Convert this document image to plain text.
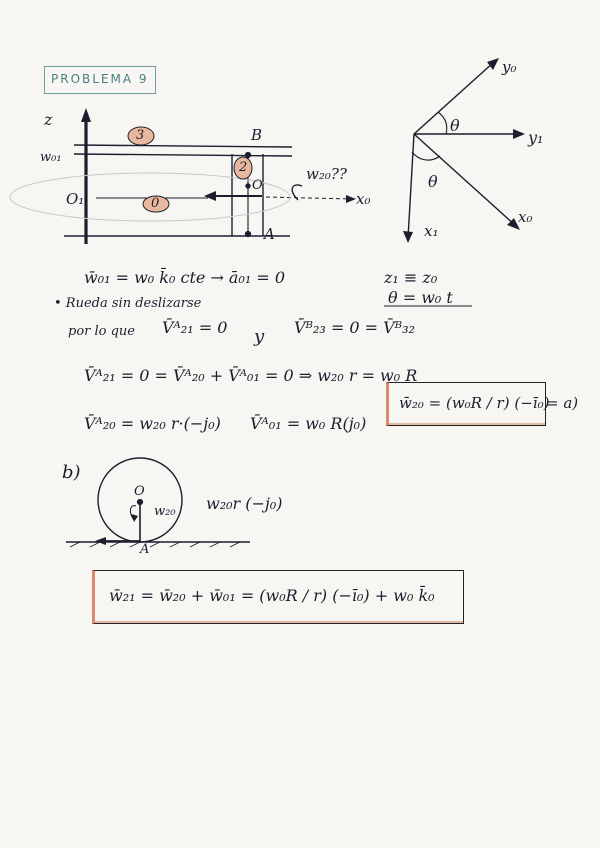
PROBLEMA 9
z
w₀₁
O₁
3
2
0
B
O
A
w₂₀??
x₀
y₀
y₁
x₁
x₀
θ
θ
w̄₀₁ = w₀ k̄₀ cte → ā₀₁ = 0	z₁ ≡ z₀
θ = w₀ t
• Rueda sin deslizarse
por lo que V̄ᴬ₂₁ = 0 y V̄ᴮ₂₃ = 0 = V̄ᴮ₃₂
V̄ᴬ₂₁ = 0 = V̄ᴬ₂₀ + V̄ᴬ₀₁ = 0 ⇒ w₂₀ r = w₀ R
V̄ᴬ₂₀ = w₂₀ r·(−j₀) V̄ᴬ₀₁ = w₀ R(j₀)
w̄₂₀ = (w₀R / r) (−ī₀)
= a)
b)
O
w₂₀
A
w₂₀r (−j₀)
w̄₂₁ = w̄₂₀ + w̄₀₁ = (w₀R / r) (−ī₀) + w₀ k̄₀
